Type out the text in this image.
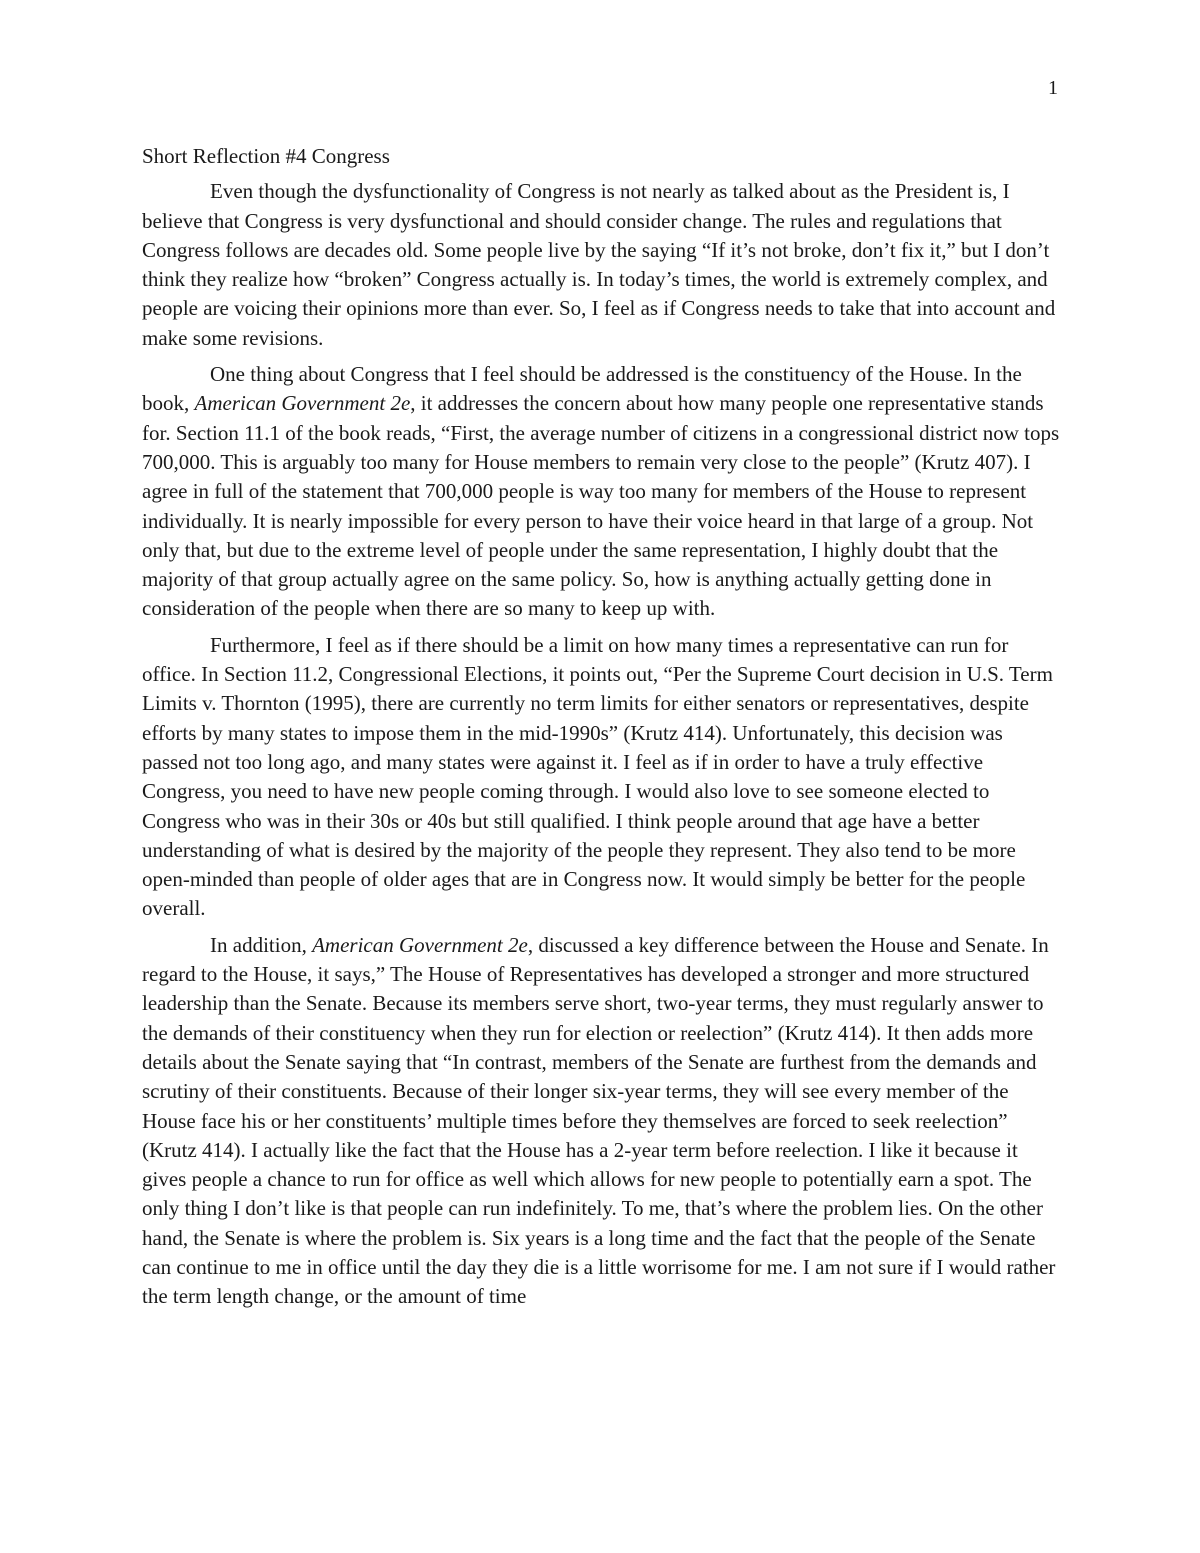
1

Short Reflection #4 Congress

Even though the dysfunctionality of Congress is not nearly as talked about as the President is, I believe that Congress is very dysfunctional and should consider change. The rules and regulations that Congress follows are decades old. Some people live by the saying “If it’s not broke, don’t fix it,” but I don’t think they realize how “broken” Congress actually is. In today’s times, the world is extremely complex, and people are voicing their opinions more than ever. So, I feel as if Congress needs to take that into account and make some revisions.

One thing about Congress that I feel should be addressed is the constituency of the House. In the book, American Government 2e, it addresses the concern about how many people one representative stands for. Section 11.1 of the book reads, “First, the average number of citizens in a congressional district now tops 700,000. This is arguably too many for House members to remain very close to the people” (Krutz 407). I agree in full of the statement that 700,000 people is way too many for members of the House to represent individually. It is nearly impossible for every person to have their voice heard in that large of a group. Not only that, but due to the extreme level of people under the same representation, I highly doubt that the majority of that group actually agree on the same policy. So, how is anything actually getting done in consideration of the people when there are so many to keep up with.

Furthermore, I feel as if there should be a limit on how many times a representative can run for office. In Section 11.2, Congressional Elections, it points out, “Per the Supreme Court decision in U.S. Term Limits v. Thornton (1995), there are currently no term limits for either senators or representatives, despite efforts by many states to impose them in the mid-1990s” (Krutz 414). Unfortunately, this decision was passed not too long ago, and many states were against it. I feel as if in order to have a truly effective Congress, you need to have new people coming through. I would also love to see someone elected to Congress who was in their 30s or 40s but still qualified. I think people around that age have a better understanding of what is desired by the majority of the people they represent. They also tend to be more open-minded than people of older ages that are in Congress now. It would simply be better for the people overall.

In addition, American Government 2e, discussed a key difference between the House and Senate. In regard to the House, it says,” The House of Representatives has developed a stronger and more structured leadership than the Senate. Because its members serve short, two-year terms, they must regularly answer to the demands of their constituency when they run for election or reelection” (Krutz 414). It then adds more details about the Senate saying that “In contrast, members of the Senate are furthest from the demands and scrutiny of their constituents. Because of their longer six-year terms, they will see every member of the House face his or her constituents’ multiple times before they themselves are forced to seek reelection” (Krutz 414). I actually like the fact that the House has a 2-year term before reelection. I like it because it gives people a chance to run for office as well which allows for new people to potentially earn a spot. The only thing I don’t like is that people can run indefinitely. To me, that’s where the problem lies. On the other hand, the Senate is where the problem is. Six years is a long time and the fact that the people of the Senate can continue to me in office until the day they die is a little worrisome for me. I am not sure if I would rather the term length change, or the amount of time
